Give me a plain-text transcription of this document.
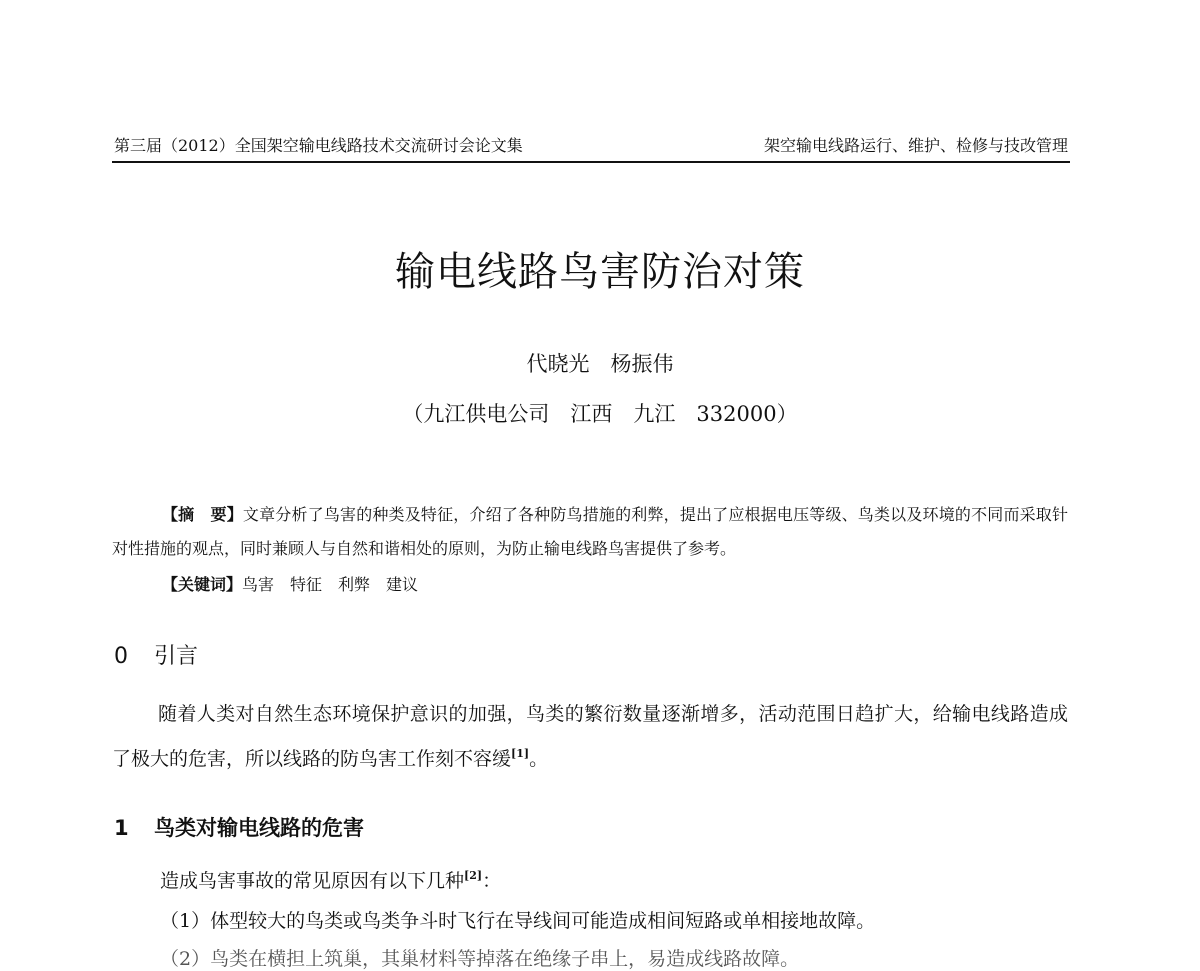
第三届（2012）全国架空输电线路技术交流研讨会论文集	架空输电线路运行、维护、检修与技改管理
输电线路鸟害防治对策
代晓光　杨振伟
（九江供电公司　江西　九江　332000）

【摘　要】文章分析了鸟害的种类及特征，介绍了各种防鸟措施的利弊，提出了应根据电压等级、鸟类以及环境的不同而采取针对性措施的观点，同时兼顾人与自然和谐相处的原则，为防止输电线路鸟害提供了参考。

【关键词】鸟害　特征　利弊　建议
0 引言

随着人类对自然生态环境保护意识的加强，鸟类的繁衍数量逐渐增多，活动范围日趋扩大，给输电线路造成了极大的危害，所以线路的防鸟害工作刻不容缓[1]。

1 鸟类对输电线路的危害

造成鸟害事故的常见原因有以下几种[2]：

（1）体型较大的鸟类或鸟类争斗时飞行在导线间可能造成相间短路或单相接地故障。

（2）鸟类在横担上筑巢，其巢材料等掉落在绝缘子串上，易造成线路故障。
